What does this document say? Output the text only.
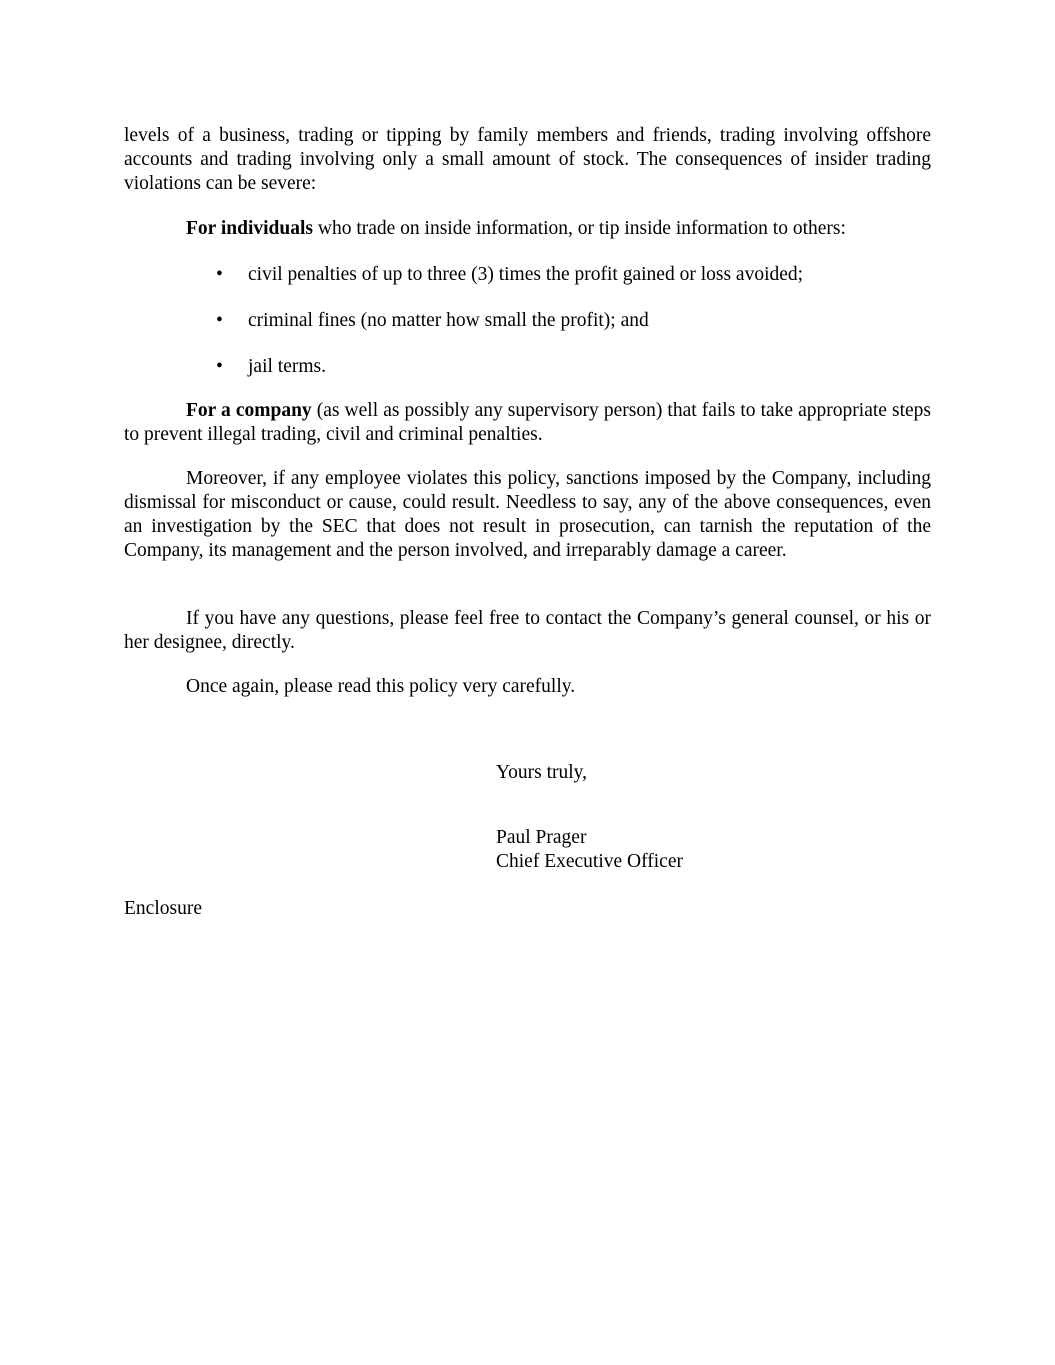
levels of a business, trading or tipping by family members and friends, trading involving offshore accounts and trading involving only a small amount of stock. The consequences of insider trading violations can be severe:

For individuals who trade on inside information, or tip inside information to others:

• civil penalties of up to three (3) times the profit gained or loss avoided;
• criminal fines (no matter how small the profit); and
• jail terms.

For a company (as well as possibly any supervisory person) that fails to take appropriate steps to prevent illegal trading, civil and criminal penalties.

Moreover, if any employee violates this policy, sanctions imposed by the Company, including dismissal for misconduct or cause, could result. Needless to say, any of the above consequences, even an investigation by the SEC that does not result in prosecution, can tarnish the reputation of the Company, its management and the person involved, and irreparably damage a career.

If you have any questions, please feel free to contact the Company’s general counsel, or his or her designee, directly.

Once again, please read this policy very carefully.

Yours truly,

Paul Prager

Chief Executive Officer

Enclosure
